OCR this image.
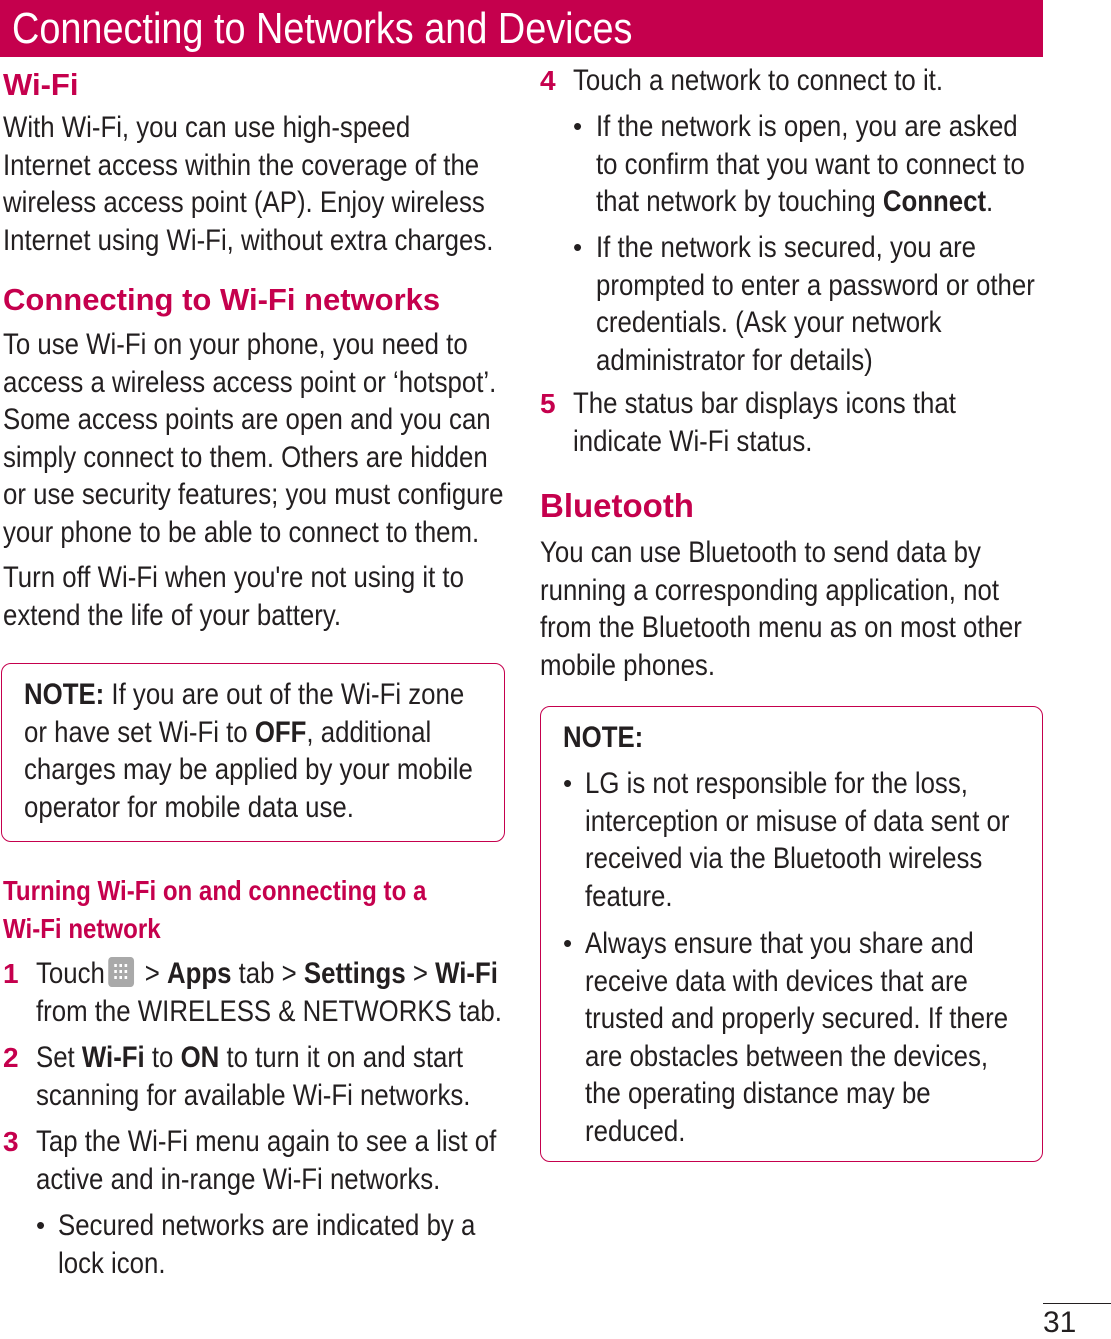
Connecting to Networks and Devices
Wi-Fi
With Wi-Fi, you can use high-speed Internet access within the coverage of the wireless access point (AP). Enjoy wireless Internet using Wi-Fi, without extra charges.
Connecting to Wi-Fi networks
To use Wi-Fi on your phone, you need to access a wireless access point or ‘hotspot’. Some access points are open and you can simply connect to them. Others are hidden or use security features; you must configure your phone to be able to connect to them.
Turn off Wi-Fi when you're not using it to extend the life of your battery.
NOTE: If you are out of the Wi-Fi zone or have set Wi-Fi to OFF, additional charges may be applied by your mobile operator for mobile data use.
Turning Wi-Fi on and connecting to a
Wi-Fi network
1 Touch
> Apps tab > Settings > Wi-Fi from the WIRELESS & NETWORKS tab.
2 Set Wi-Fi to ON to turn it on and start scanning for available Wi-Fi networks.
3 Tap the Wi-Fi menu again to see a list of active and in-range Wi-Fi networks.
• Secured networks are indicated by a lock icon.
4 Touch a network to connect to it.
• If the network is open, you are asked to confirm that you want to connect to that network by touching Connect.
• If the network is secured, you are prompted to enter a password or other credentials. (Ask your network administrator for details)
5 The status bar displays icons that indicate Wi-Fi status.
Bluetooth
You can use Bluetooth to send data by running a corresponding application, not from the Bluetooth menu as on most other mobile phones.
NOTE:
• LG is not responsible for the loss, interception or misuse of data sent or received via the Bluetooth wireless feature.
• Always ensure that you share and receive data with devices that are trusted and properly secured. If there are obstacles between the devices, the operating distance may be reduced.
31
